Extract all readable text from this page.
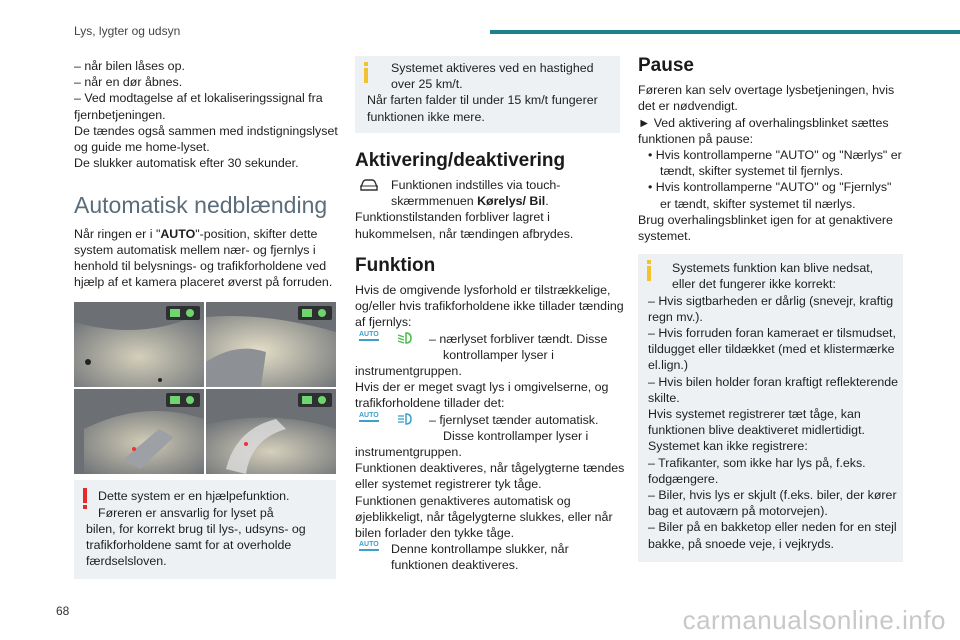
Lys, lygter og udsyn
– når bilen låses op.
– når en dør åbnes.
– Ved modtagelse af et lokaliseringssignal fra
fjernbetjeningen.
De tændes også sammen med indstigningslyset
og guide me home-lyset.
De slukker automatisk efter 30 sekunder.
Automatisk nedblænding
Når ringen er i "AUTO"-position, skifter dette
system automatisk mellem nær- og fjernlys i
henhold til belysnings- og trafikforholdene ved
hjælp af et kamera placeret øverst på forruden.
Dette system er en hjælpefunktion.
Føreren er ansvarlig for lyset på
bilen, for korrekt brug til lys-, udsyns- og
trafikforholdene samt for at overholde
færdselsloven.
Systemet aktiveres ved en hastighed
over 25 km/t.
Når farten falder til under 15 km/t fungerer
funktionen ikke mere.
Aktivering/deaktivering
Funktionen indstilles via touch-
skærmmenuen Kørelys/ Bil.
Funktionstilstanden forbliver lagret i
hukommelsen, når tændingen afbrydes.
Funktion
Hvis de omgivende lysforhold er tilstrækkelige,
og/eller hvis trafikforholdene ikke tillader tænding
af fjernlys:
AUTO	– nærlyset forbliver tændt. Disse
kontrollamper lyser i
instrumentgruppen.
Hvis der er meget svagt lys i omgivelserne, og
trafikforholdene tillader det:
AUTO	– fjernlyset tænder automatisk.
Disse kontrollamper lyser i
instrumentgruppen.
Funktionen deaktiveres, når tågelygterne tændes
eller systemet registrerer tyk tåge.
Funktionen genaktiveres automatisk og
øjeblikkeligt, når tågelygterne slukkes, eller når
bilen forlader den tykke tåge.
AUTO Denne kontrollampe slukker, når
funktionen deaktiveres.
Pause
Føreren kan selv overtage lysbetjeningen, hvis
det er nødvendigt.
► Ved aktivering af overhalingsblinket sættes
funktionen på pause:
• Hvis kontrollamperne "AUTO" og "Nærlys" er
tændt, skifter systemet til fjernlys.
• Hvis kontrollamperne "AUTO" og "Fjernlys"
er tændt, skifter systemet til nærlys.
Brug overhalingsblinket igen for at genaktivere
systemet.
Systemets funktion kan blive nedsat,
eller det fungerer ikke korrekt:
– Hvis sigtbarheden er dårlig (snevejr, kraftig
regn mv.).
– Hvis forruden foran kameraet er tilsmudset,
tildugget eller tildækket (med et klistermærke
el.lign.)
– Hvis bilen holder foran kraftigt reflekterende
skilte.
Hvis systemet registrerer tæt tåge, kan
funktionen blive deaktiveret midlertidigt.
Systemet kan ikke registrere:
– Trafikanter, som ikke har lys på, f.eks.
fodgængere.
– Biler, hvis lys er skjult (f.eks. biler, der kører
bag et autoværn på motorvejen).
– Biler på en bakketop eller neden for en stejl
bakke, på snoede veje, i vejkryds.
68	carmanualsonline.info
